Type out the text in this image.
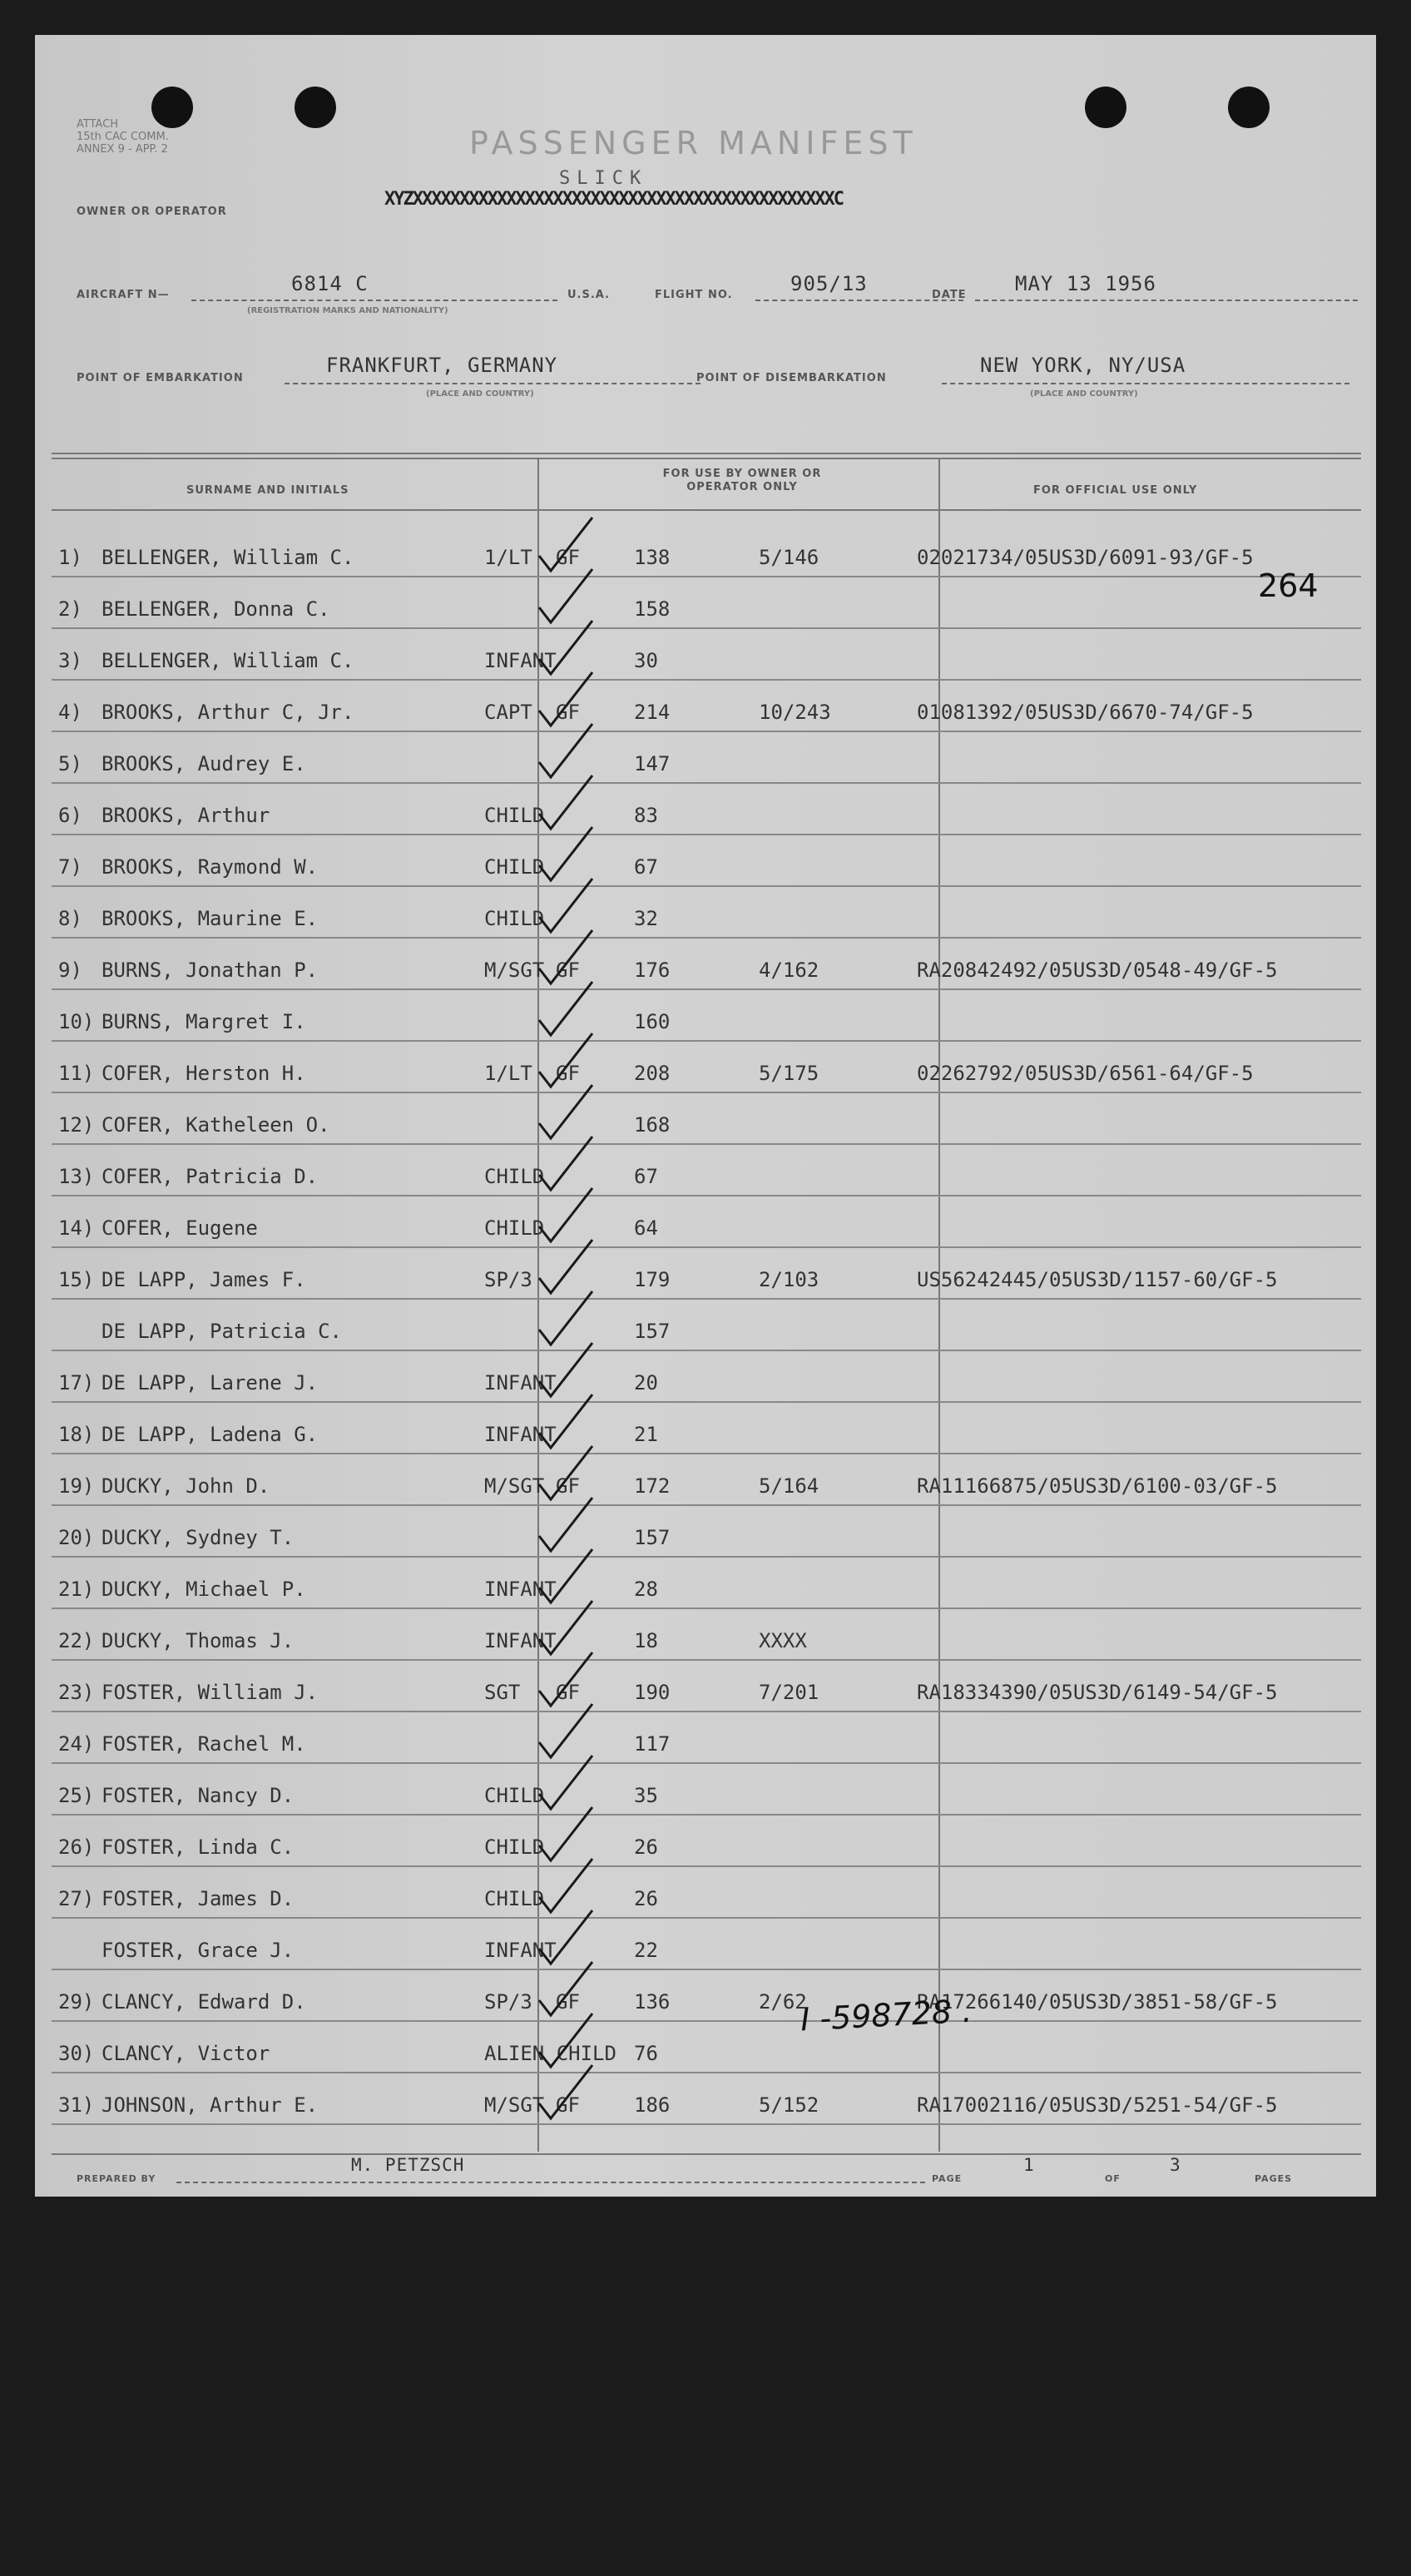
ATTACH
15th CAC COMM.
ANNEX 9 - APP. 2	PASSENGER MANIFEST
SLICK
XYZXXXXXXXXXXXXXXXXXXXXXXXXXXXXXXXXXXXXXXXXXXXXXC
OWNER OR OPERATOR
AIRCRAFT N—	6814 C
(REGISTRATION MARKS AND NATIONALITY)
U.S.A.	FLIGHT NO.	905/13	DATE MAY 13 1956
POINT OF EMBARKATION
FRANKFURT, GERMANY
(PLACE AND COUNTRY)
POINT OF DISEMBARKATION
NEW YORK, NY/USA
(PLACE AND COUNTRY)
SURNAME AND INITIALS
FOR USE BY OWNER OR OPERATOR ONLY	FOR OFFICIAL USE ONLY
1) BELLENGER, William C.	1/LT GF	138	5/146	02021734/05US3D/6091-93/GF-5
2) BELLENGER, Donna C.	158
3) BELLENGER, William C.	INFANT	30
4) BROOKS, Arthur C, Jr.	CAPT GF	214	10/243	01081392/05US3D/6670-74/GF-5
5) BROOKS, Audrey E.	147
6) BROOKS, Arthur	CHILD	83
7) BROOKS, Raymond W.	CHILD	67
8) BROOKS, Maurine E.	CHILD	32
9) BURNS, Jonathan P.	M/SGT GF	176	4/162	RA20842492/05US3D/0548-49/GF-5
10) BURNS, Margret I.	160
11) COFER, Herston H.	1/LT GF	208	5/175	02262792/05US3D/6561-64/GF-5
12) COFER, Katheleen O.	168
13) COFER, Patricia D.	CHILD	67
14) COFER, Eugene	CHILD	64
15) DE LAPP, James F.	SP/3	179	2/103	US56242445/05US3D/1157-60/GF-5
DE LAPP, Patricia C.	157
17) DE LAPP, Larene J.	INFANT	20
18) DE LAPP, Ladena G.	INFANT	21
19) DUCKY, John D.	M/SGT GF	172	5/164	RA11166875/05US3D/6100-03/GF-5
20) DUCKY, Sydney T.	157
21) DUCKY, Michael P.	INFANT	28
22) DUCKY, Thomas J.	INFANT	18	XXXX
23) FOSTER, William J.	SGT GF	190	7/201	RA18334390/05US3D/6149-54/GF-5
24) FOSTER, Rachel M.	117
25) FOSTER, Nancy D.	CHILD	35
26) FOSTER, Linda C.	CHILD	26
27) FOSTER, James D.	CHILD	26
FOSTER, Grace J.	INFANT	22
29) CLANCY, Edward D.	SP/3 GF	136	2/62	RA17266140/05US3D/3851-58/GF-5
30) CLANCY, Victor	ALIEN CHILD 76
31) JOHNSON, Arthur E.	M/SGT GF	186	5/152	RA17002116/05US3D/5251-54/GF-5
264
I -598728 .
PREPARED BY
M. PETZSCH
PAGE
1
OF
3
PAGES
